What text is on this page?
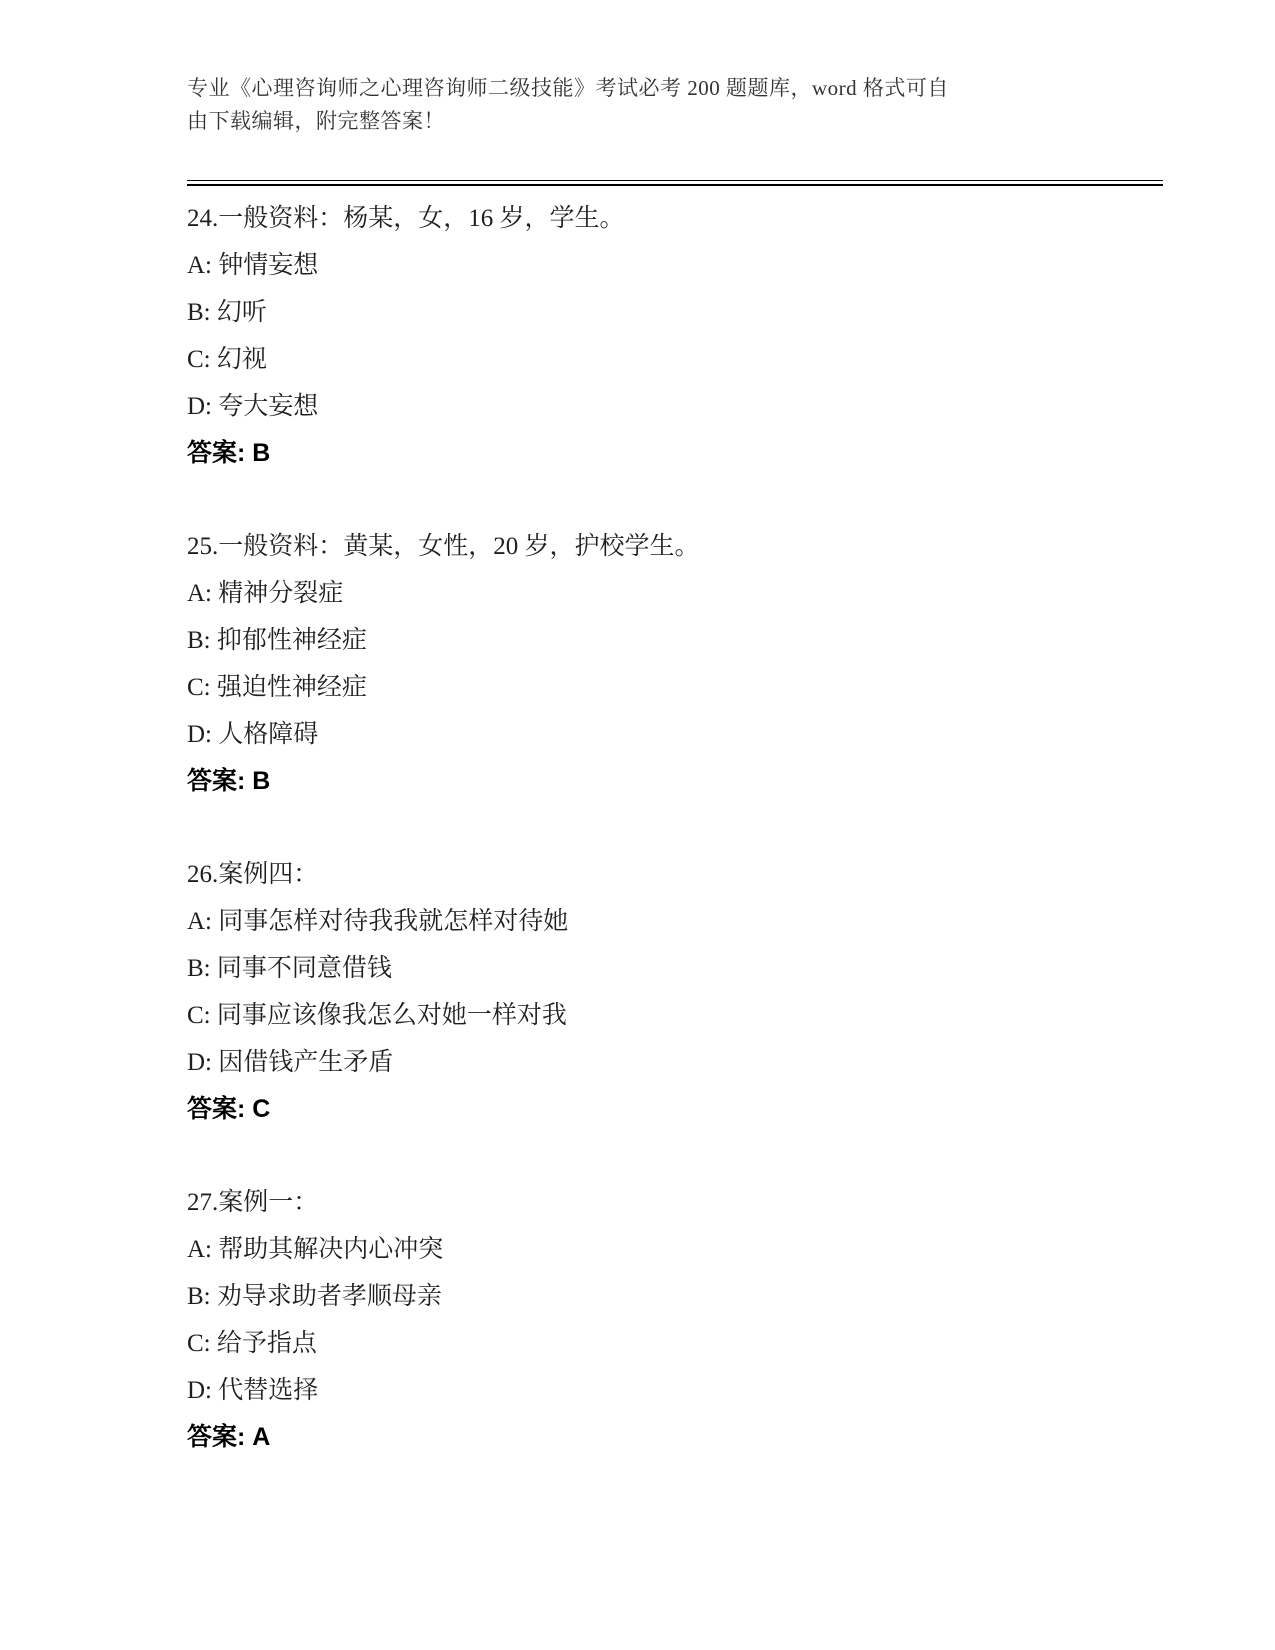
专业《心理咨询师之心理咨询师二级技能》考试必考 200 题题库，word 格式可自

由下载编辑，附完整答案！

24.一般资料：杨某，女，16 岁，学生。

A: 钟情妄想

B: 幻听

C: 幻视

D: 夸大妄想

答案: B

25.一般资料：黄某，女性，20 岁，护校学生。

A: 精神分裂症

B: 抑郁性神经症

C: 强迫性神经症

D: 人格障碍

答案: B

26.案例四：

A: 同事怎样对待我我就怎样对待她

B: 同事不同意借钱

C: 同事应该像我怎么对她一样对我

D: 因借钱产生矛盾

答案: C

27.案例一：

A: 帮助其解决内心冲突

B: 劝导求助者孝顺母亲

C: 给予指点

D: 代替选择

答案: A
